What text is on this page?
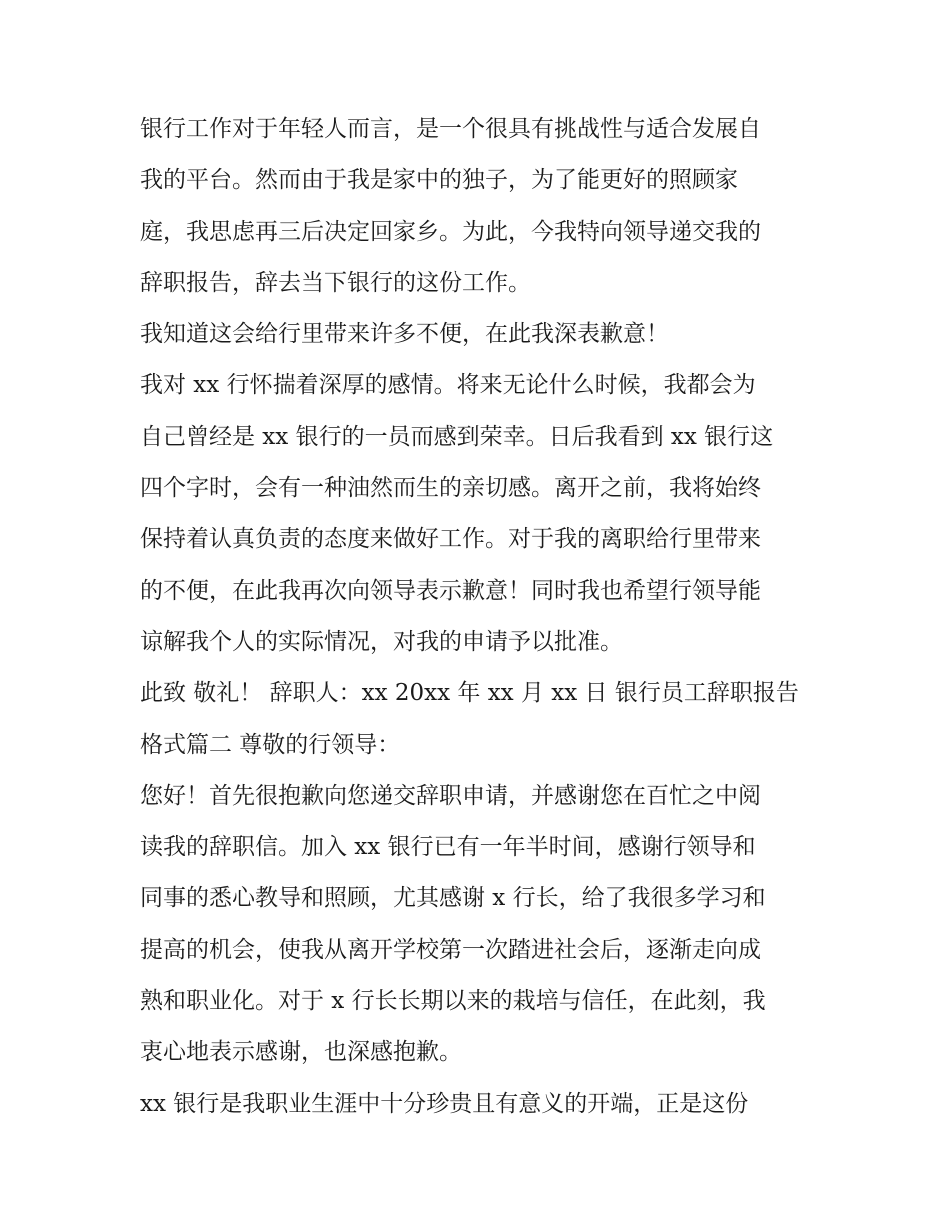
银行工作对于年轻人而言，是一个很具有挑战性与适合发展自
我的平台。然而由于我是家中的独子，为了能更好的照顾家
庭，我思虑再三后决定回家乡。为此，今我特向领导递交我的
辞职报告，辞去当下银行的这份工作。
我知道这会给行里带来许多不便，在此我深表歉意！
我对 xx 行怀揣着深厚的感情。将来无论什么时候，我都会为
自己曾经是 xx 银行的一员而感到荣幸。日后我看到 xx 银行这
四个字时，会有一种油然而生的亲切感。离开之前，我将始终
保持着认真负责的态度来做好工作。对于我的离职给行里带来
的不便，在此我再次向领导表示歉意！同时我也希望行领导能
谅解我个人的实际情况，对我的申请予以批准。
此致 敬礼！ 辞职人：xx 20xx 年 xx 月 xx 日 银行员工辞职报告
格式篇二 尊敬的行领导：
您好！首先很抱歉向您递交辞职申请，并感谢您在百忙之中阅
读我的辞职信。加入 xx 银行已有一年半时间，感谢行领导和
同事的悉心教导和照顾，尤其感谢 x 行长，给了我很多学习和
提高的机会，使我从离开学校第一次踏进社会后，逐渐走向成
熟和职业化。对于 x 行长长期以来的栽培与信任，在此刻，我
衷心地表示感谢，也深感抱歉。
xx 银行是我职业生涯中十分珍贵且有意义的开端，正是这份
